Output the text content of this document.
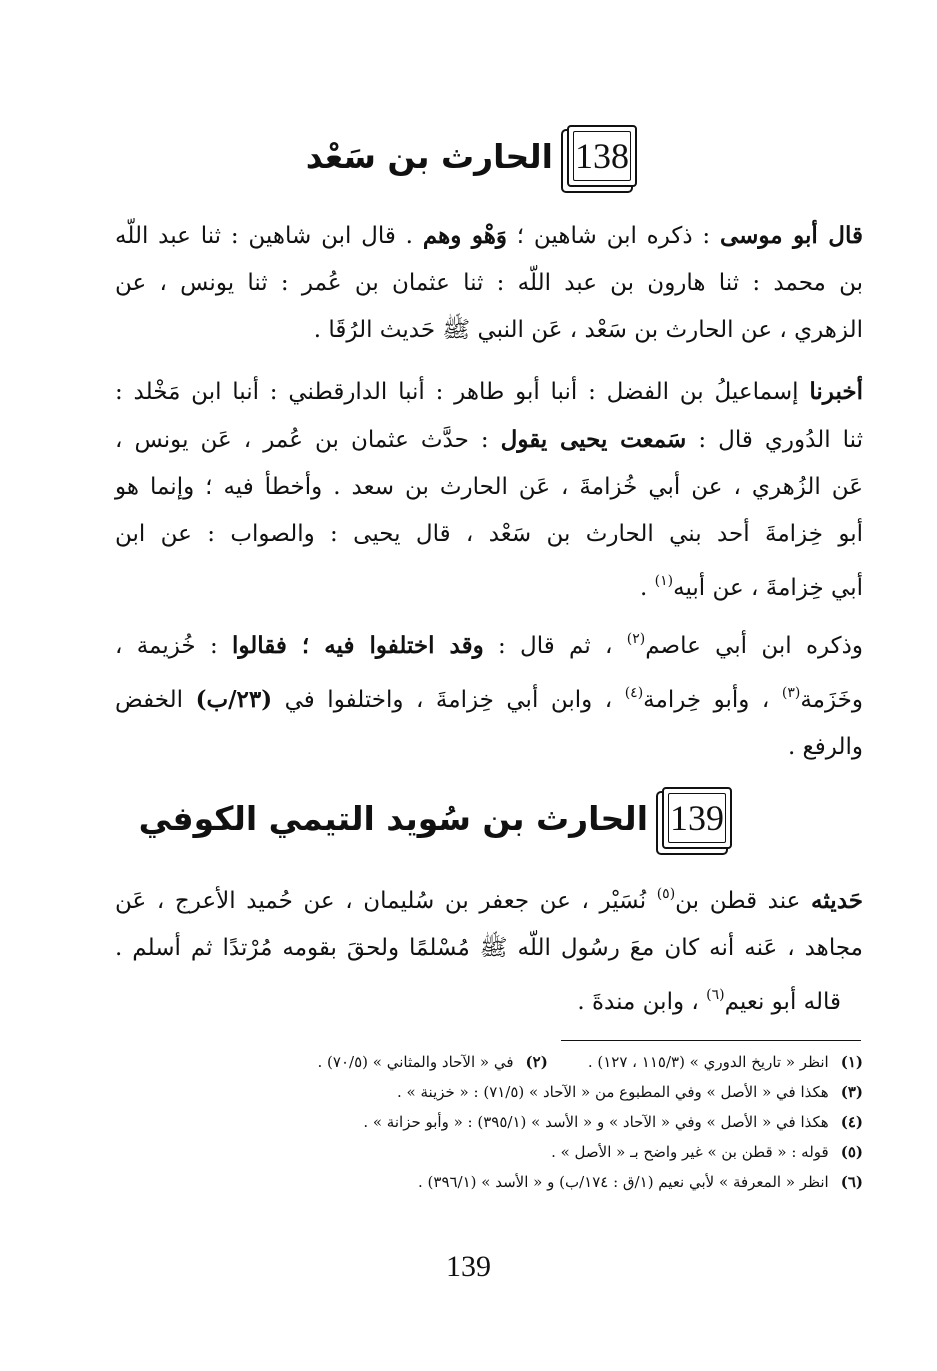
138
الحارث بن سَعْد
قال أبو موسى : ذكره ابن شاهين ؛ وَهْو وهم . قال ابن شاهين : ثنا عبد اللّه
بن محمد : ثنا هارون بن عبد اللّه : ثنا عثمان بن عُمر : ثنا يونس ، عن
الزهري ، عن الحارث بن سَعْد ، عَن النبي ﷺ حَديث الرُقَا .
أخبرنا إسماعيلُ بن الفضل : أنبا أبو طاهر : أنبا الدارقطني : أنبا ابن مَخْلد :
ثنا الدُوري قال : سَمعت يحيى يقول : حدَّث عثمان بن عُمر ، عَن يونس ،
عَن الزُهري ، عن أبي خُزامةَ ، عَن الحارث بن سعد . وأخطأ فيه ؛ وإنما هو
أبو خِزامةَ أحد بني الحارث بن سَعْد ، قال يحيى : والصواب : عن ابن
أبي خِزامةَ ، عن أبيه$^{(١)}$ .
وذكره ابن أبي عاصم$^{(٢)}$ ، ثم قال : وقد اختلفوا فيه ؛ فقالوا : خُزيمة ،
وخَزَمة$^{(٣)}$ ، وأبو خِرامة$^{(٤)}$ ، وابن أبي خِزامةَ ، واختلفوا في (٢٣/ب) الخفض
والرفع .
139
الحارث بن سُويد التيمي الكوفي
حَديثه عند قطن بن$^{(٥)}$ نُسَيْر ، عن جعفر بن سُليمان ، عن حُميد الأعرج ، عَن
مجاهد ، عَنه أنه كان معَ رسُول اللّه ﷺ مُسْلمًا ولحقَ بقومه مُرْتدًا ثم أسلم .
قاله أبو نعيم$^{(٦)}$ ، وابن مندةَ .
(١)انظر « تاريخ الدوري » (١١٥/٣ ، ١٢٧) .(٢)في « الآحاد والمثاني » (٧٠/٥) .
(٣)هكذا في « الأصل » وفي المطبوع من « الآحاد » (٧١/٥) : « خزينة » .
(٤)هكذا في « الأصل » وفي « الآحاد » و « الأسد » (٣٩٥/١) : « وأبو حزانة » .
(٥)قوله : « قطن بن » غير واضح بـ « الأصل » .
(٦)انظر « المعرفة » لأبي نعيم (١/ق : ١٧٤/ب) و « الأسد » (٣٩٦/١) .
139
